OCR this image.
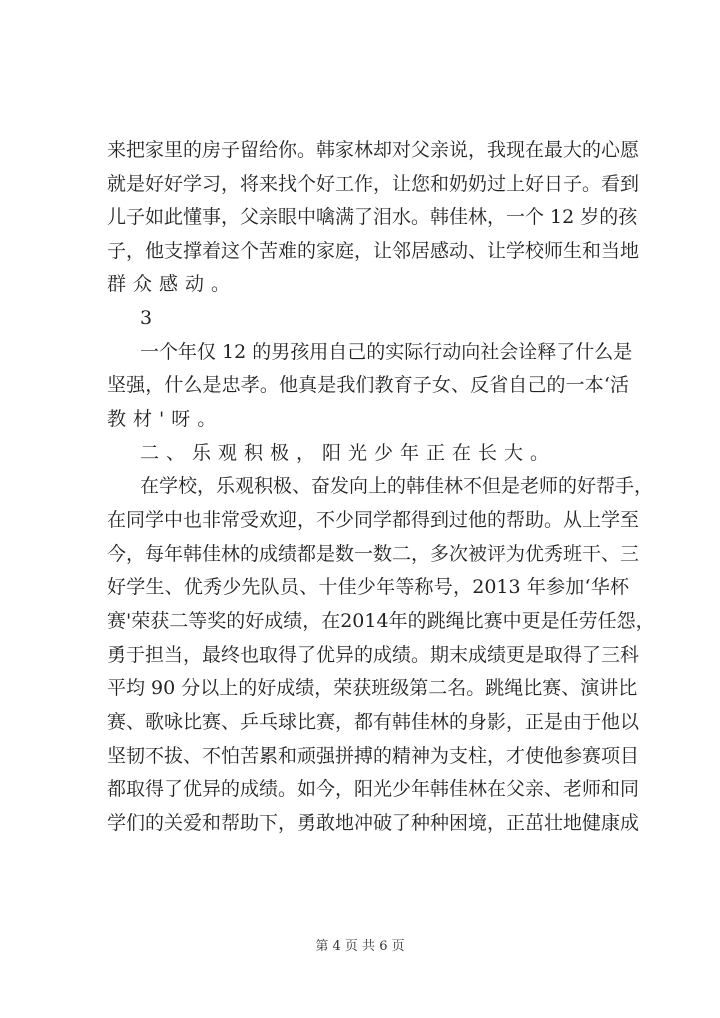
来把家里的房子留给你。韩家林却对父亲说，我现在最大的心愿
就是好好学习，将来找个好工作，让您和奶奶过上好日子。看到
儿子如此懂事，父亲眼中噙满了泪水。韩佳林，一个 12 岁的孩
子，他支撑着这个苦难的家庭，让邻居感动、让学校师生和当地
群众感动。
3
一个年仅 12 的男孩用自己的实际行动向社会诠释了什么是
坚强，什么是忠孝。他真是我们教育子女、反省自己的一本‘活
教材'呀。
二、乐观积极，阳光少年正在长大。
在学校，乐观积极、奋发向上的韩佳林不但是老师的好帮手，
在同学中也非常受欢迎，不少同学都得到过他的帮助。从上学至
今，每年韩佳林的成绩都是数一数二，多次被评为优秀班干、三
好学生、优秀少先队员、十佳少年等称号，2013 年参加‘华杯
赛'荣获二等奖的好成绩，在2014年的跳绳比赛中更是任劳任怨，
勇于担当，最终也取得了优异的成绩。期末成绩更是取得了三科
平均 90 分以上的好成绩，荣获班级第二名。跳绳比赛、演讲比
赛、歌咏比赛、乒乓球比赛，都有韩佳林的身影，正是由于他以
坚韧不拔、不怕苦累和顽强拼搏的精神为支柱，才使他参赛项目
都取得了优异的成绩。如今，阳光少年韩佳林在父亲、老师和同
学们的关爱和帮助下，勇敢地冲破了种种困境，正茁壮地健康成
第 4 页 共 6 页
